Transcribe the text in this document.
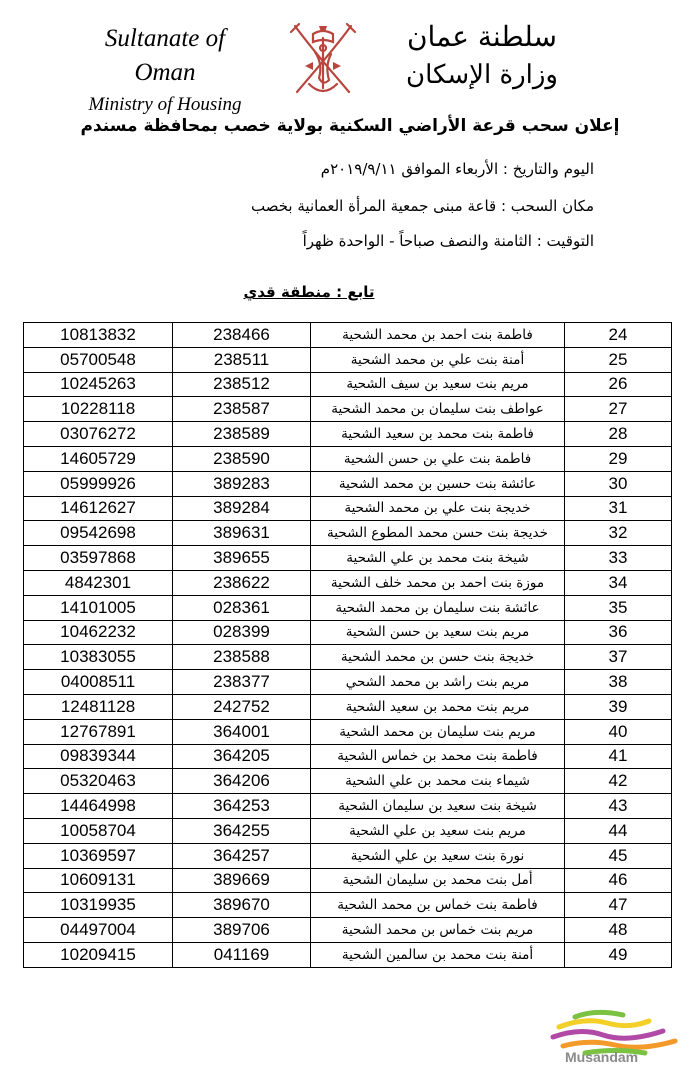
Sultanate of Oman
Ministry of Housing
سلطنة عمان
وزارة الإسكان
إعلان سحب قرعة الأراضي السكنية بولاية خصب بمحافظة مسندم
اليوم والتاريخ : الأربعاء الموافق ٢٠١٩/٩/١١م
مكان السحب : قاعة مبنى جمعية المرأة العمانية بخصب
التوقيت : الثامنة والنصف صباحاً - الواحدة ظهراً
تابع : منطقة قدي
10813832	238466	فاطمة بنت احمد بن محمد الشحية	24
05700548	238511	أمنة بنت علي بن محمد الشحية	25
10245263	238512	مريم بنت سعيد بن سيف الشحية	26
10228118	238587	عواطف بنت سليمان بن محمد الشحية	27
03076272	238589	فاطمة بنت محمد بن سعيد الشحية	28
14605729	238590	فاطمة بنت علي بن حسن الشحية	29
05999926	389283	عائشة بنت حسين بن محمد الشحية	30
14612627	389284	خديجة بنت علي بن محمد الشحية	31
09542698	389631	خديجة بنت حسن محمد المطوع الشحية	32
03597868	389655	شيخة بنت محمد بن علي الشحية	33
4842301	238622	موزة بنت احمد بن محمد خلف الشحية	34
14101005	028361	عائشة بنت سليمان بن محمد الشحية	35
10462232	028399	مريم بنت سعيد بن حسن الشحية	36
10383055	238588	خديجة بنت حسن بن محمد الشحية	37
04008511	238377	مريم بنت راشد بن محمد الشحي	38
12481128	242752	مريم بنت محمد بن سعيد الشحية	39
12767891	364001	مريم بنت سليمان بن محمد الشحية	40
09839344	364205	فاطمة بنت محمد بن خماس الشحية	41
05320463	364206	شيماء بنت محمد بن علي الشحية	42
14464998	364253	شيخة بنت سعيد بن سليمان الشحية	43
10058704	364255	مريم بنت سعيد بن علي الشحية	44
10369597	364257	نورة بنت سعيد بن علي الشحية	45
10609131	389669	أمل بنت محمد بن سليمان الشحية	46
10319935	389670	فاطمة بنت خماس بن محمد الشحية	47
04497004	389706	مريم بنت خماس بن محمد الشحية	48
10209415	041169	أمنة بنت محمد بن سالمين الشحية	49
Musandam
